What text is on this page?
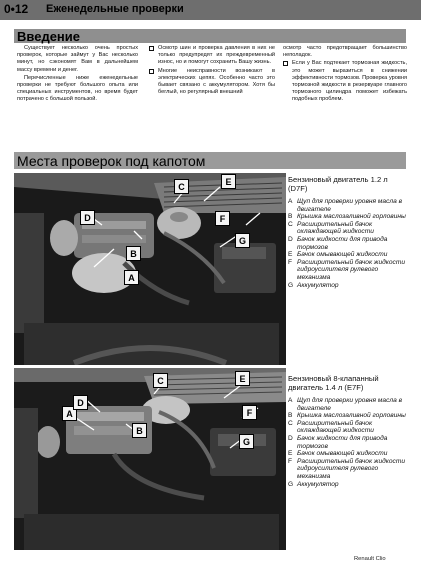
0•12 Еженедельные проверки
Введение

Существует несколько очень простых проверок, которые займут у Вас несколько минут, но сэкономят Вам в дальнейшем массу времени и денег.

Перечисленные ниже еженедельные проверки не требуют большого опыта или специальных инструментов, но время будет потрачено с большой пользой.

Осмотр шин и проверка давления в них не только предупредят их преждевременный износ, но и помогут сохранить Вашу жизнь.

Многие неисправности возникают в электрических цепях. Особенно часто это бывает связано с аккумулятором. Хотя бы беглый, но регулярный внешний

осмотр часто предотвращает большинство неполадок.

Если у Вас подтекает тормозная жидкость, это может выразиться в снижении эффективности тормозов. Проверка уровня тормозной жидкости в резервуаре главного тормозного цилиндра поможет избежать подобных проблем.

Места проверок под капотом
A
B
C
D
E
F
G
Бензиновый двигатель 1.2 л (D7F)
A Щуп для проверки уровня масла в двигателе
B Крышка маслозаливной горловины
C Расширительный бачок охлаждающей жидкости
D Бачок жидкости для привода тормозов
E Бачок омывающей жидкости
F Расширительный бачок жидкости гидроусилителя рулевого механизма
G Аккумулятор
A
B
C
D
E
F
G
Бензиновый 8-клапанный двигатель 1.4 л (E7F)
A Щуп для проверки уровня масла в двигателе
B Крышка маслозаливной горловины
C Расширительный бачок охлаждающей жидкости
D Бачок жидкости для привода тормозов
E Бачок омывающей жидкости
F Расширительный бачок жидкости гидроусилителя рулевого механизма
G Аккумулятор
Renault Clio
